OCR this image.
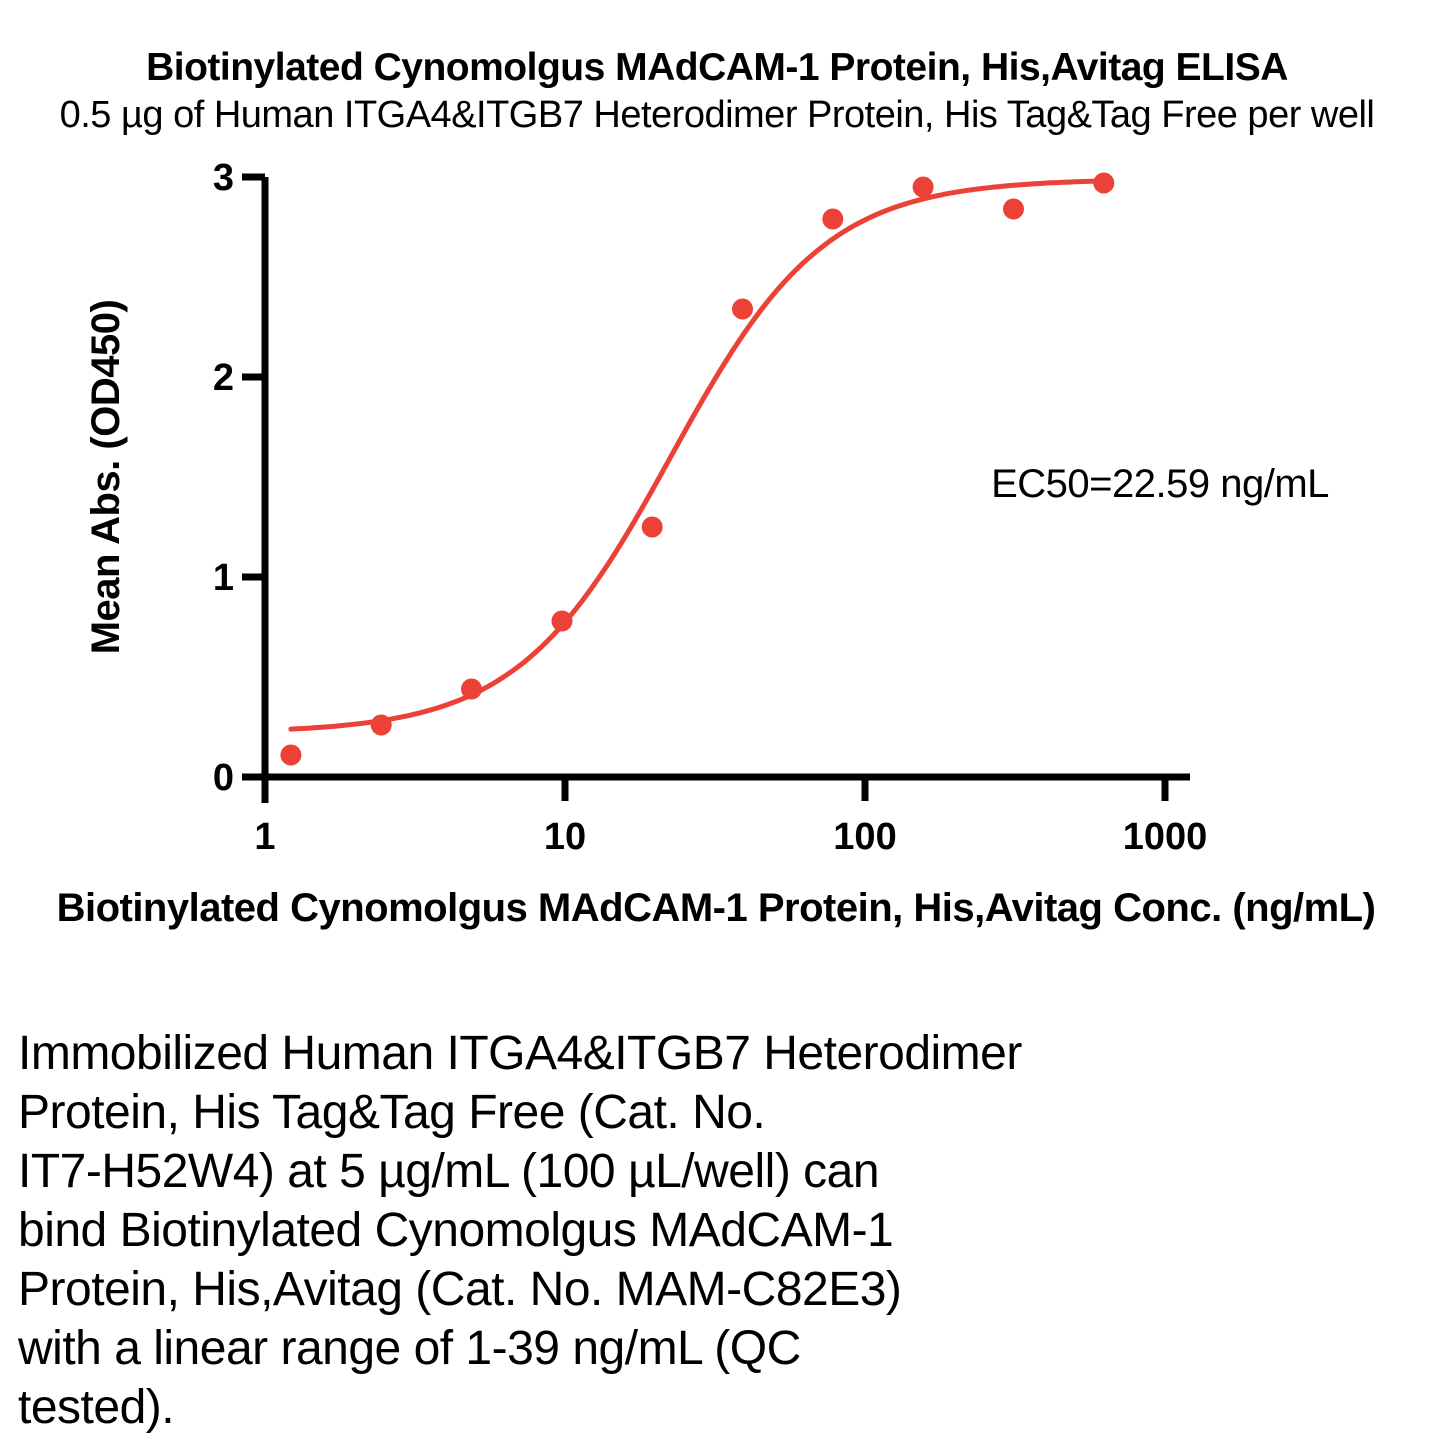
Biotinylated Cynomolgus MAdCAM-1 Protein, His,Avitag ELISA
0.5 µg of Human ITGA4&ITGB7 Heterodimer Protein, His Tag&Tag Free per well
0
1
2
3
1	10	100	1000
Mean Abs. (OD450)
Biotinylated Cynomolgus MAdCAM-1 Protein, His,Avitag Conc. (ng/mL)
EC50=22.59 ng/mL
Immobilized Human ITGA4&ITGB7 Heterodimer
Protein, His Tag&Tag Free (Cat. No.
IT7-H52W4) at 5 µg/mL (100 µL/well) can
bind Biotinylated Cynomolgus MAdCAM-1
Protein, His,Avitag (Cat. No. MAM-C82E3)
with a linear range of 1-39 ng/mL (QC
tested).
